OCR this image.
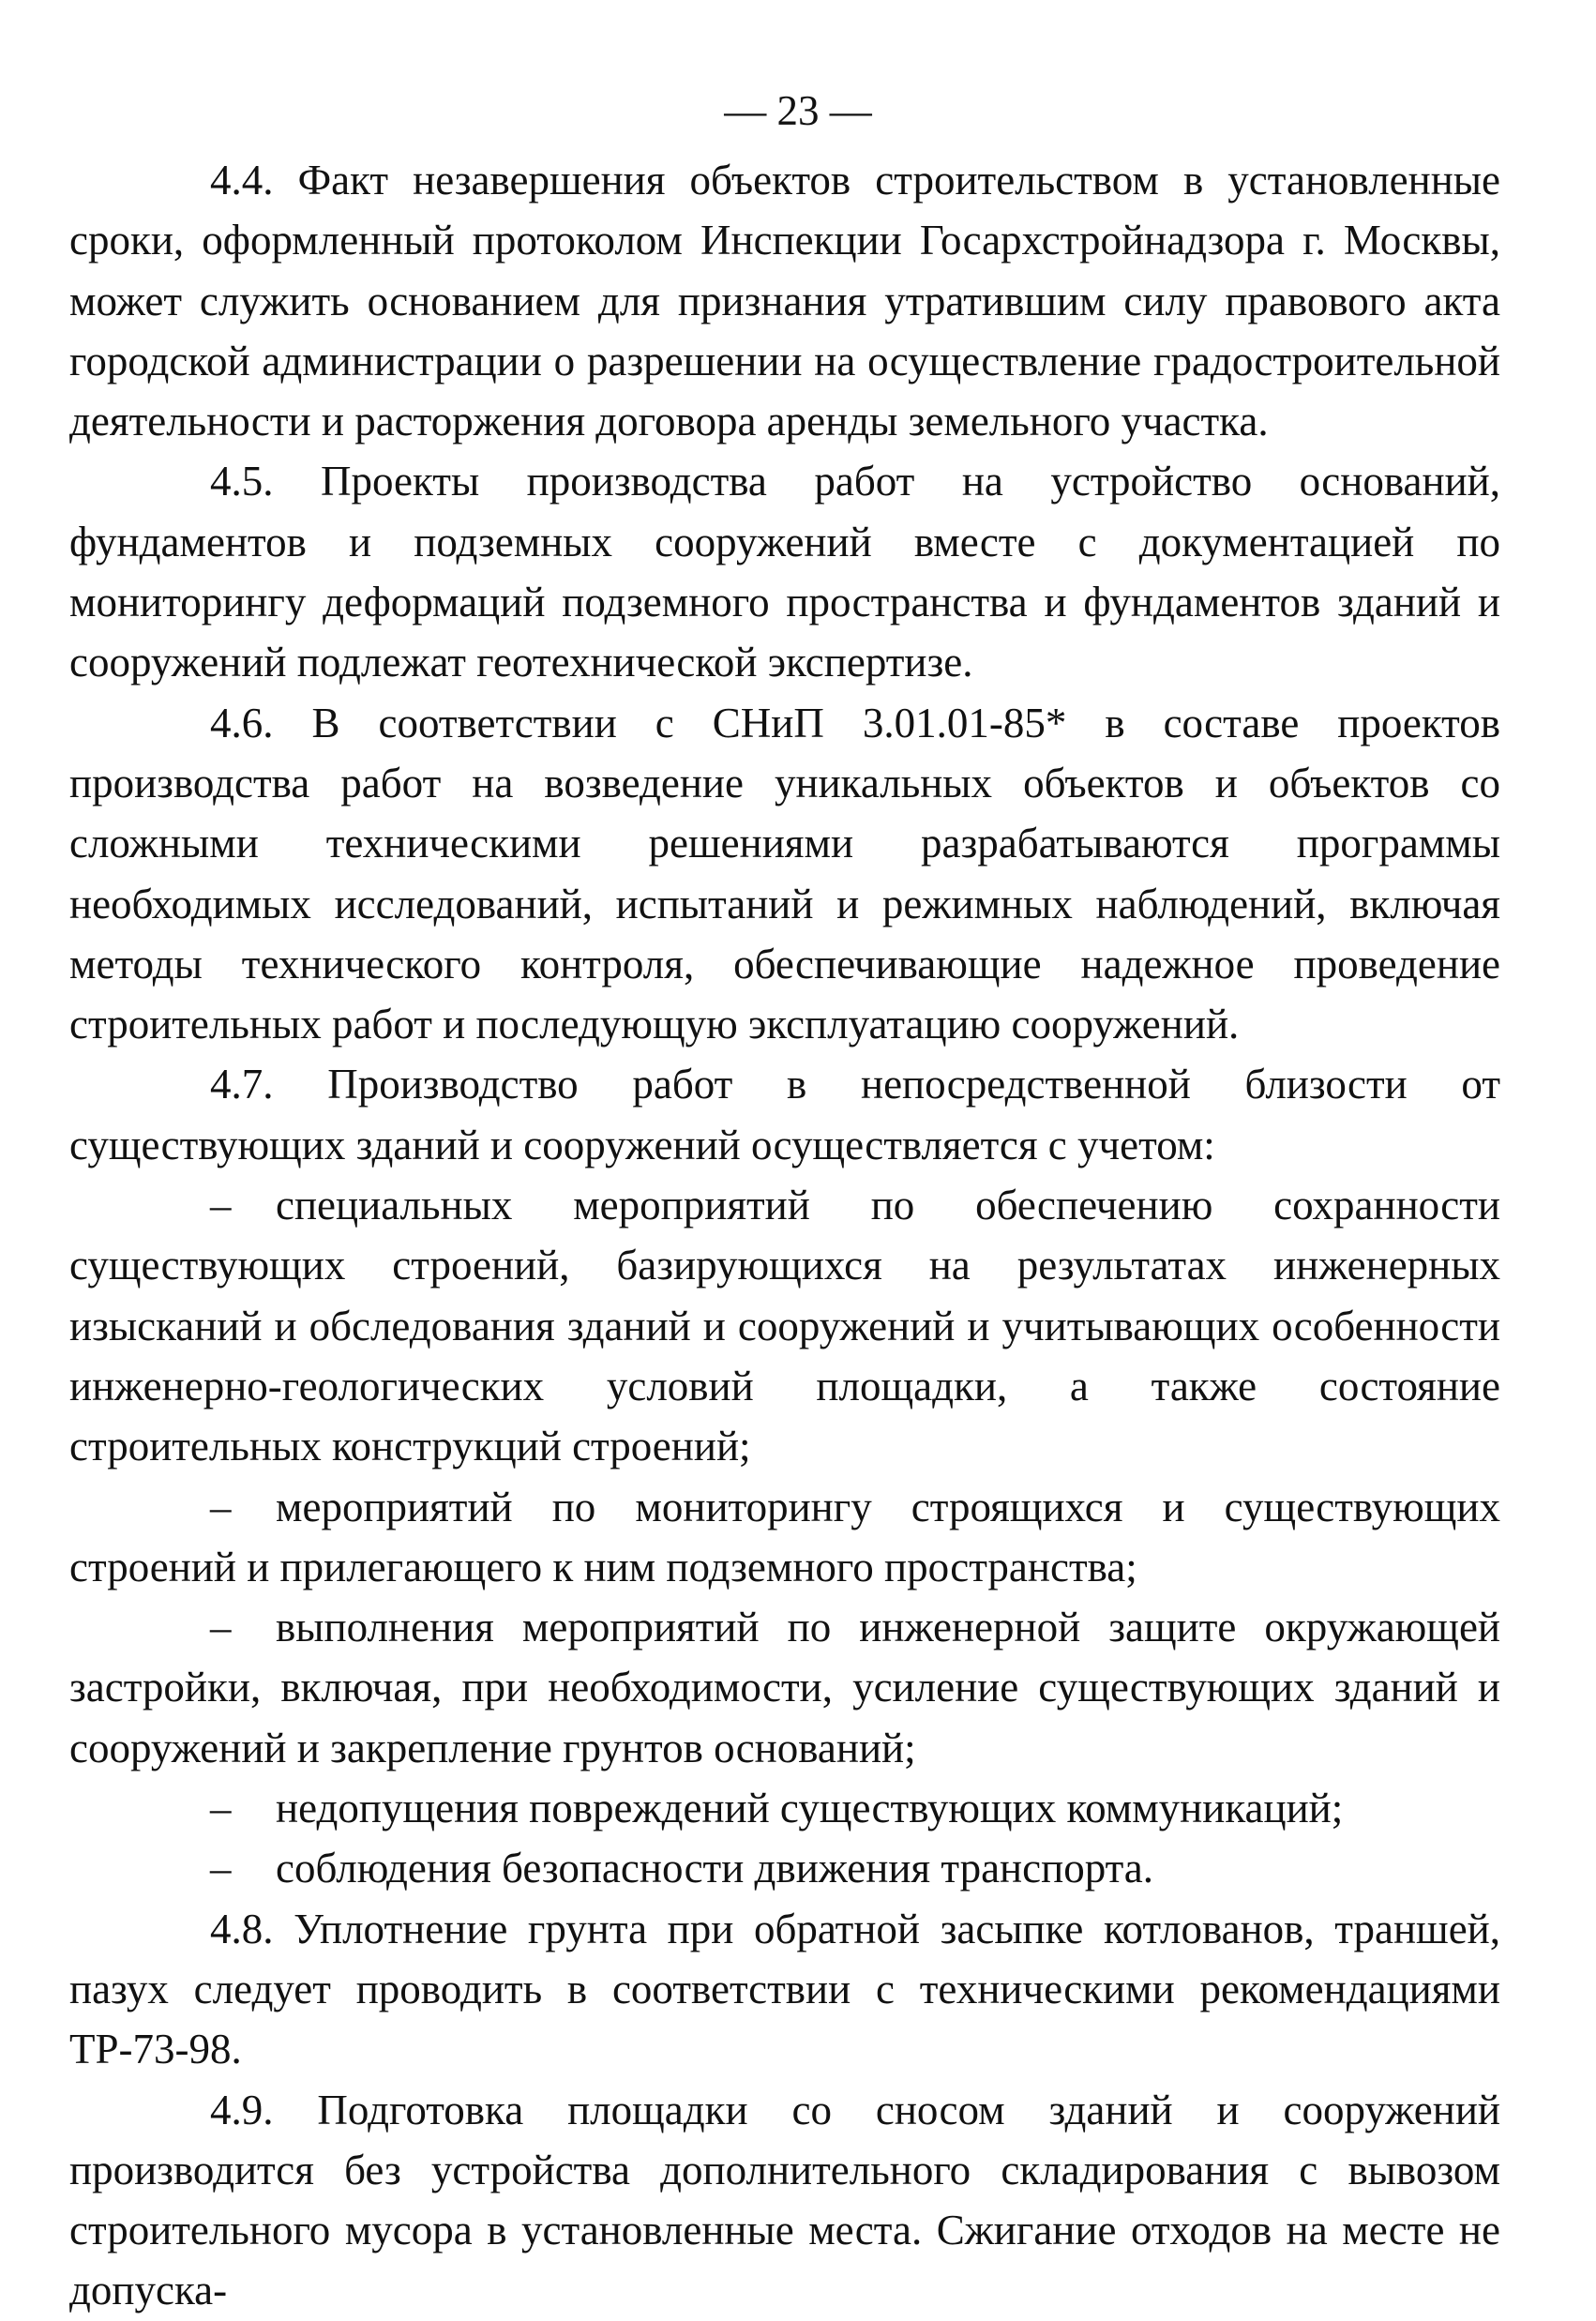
— 23 —

4.4. Факт незавершения объектов строительством в установленные сроки, оформленный протоколом Инспекции Госархстройнадзора г. Москвы, может служить основанием для признания утратившим силу правового акта городской администрации о разрешении на осуществление градостроительной деятельности и расторжения договора аренды земельного участка.

4.5. Проекты производства работ на устройство оснований, фундаментов и подземных сооружений вместе с документацией по мониторингу деформаций подземного пространства и фундаментов зданий и сооружений подлежат геотехнической экспертизе.

4.6. В соответствии с СНиП 3.01.01-85* в составе проектов производства работ на возведение уникальных объектов и объектов со сложными техническими решениями разрабатываются программы необходимых исследований, испытаний и режимных наблюдений, включая методы технического контроля, обеспечивающие надежное проведение строительных работ и последующую эксплуатацию сооружений.

4.7. Производство работ в непосредственной близости от существующих зданий и сооружений осуществляется с учетом:

– специальных мероприятий по обеспечению сохранности существующих строений, базирующихся на результатах инженерных изысканий и обследования зданий и сооружений и учитывающих особенности инженерно-геологических условий площадки, а также состояние строительных конструкций строений;

– мероприятий по мониторингу строящихся и существующих строений и прилегающего к ним подземного пространства;

– выполнения мероприятий по инженерной защите окружающей застройки, включая, при необходимости, усиление существующих зданий и сооружений и закрепление грунтов оснований;

– недопущения повреждений существующих коммуникаций;

– соблюдения безопасности движения транспорта.

4.8. Уплотнение грунта при обратной засыпке котлованов, траншей, пазух следует проводить в соответствии с техническими рекомендациями ТР-73-98.

4.9. Подготовка площадки со сносом зданий и сооружений производится без устройства дополнительного складирования с вывозом строительного мусора в установленные места. Сжигание отходов на месте не допуска-
